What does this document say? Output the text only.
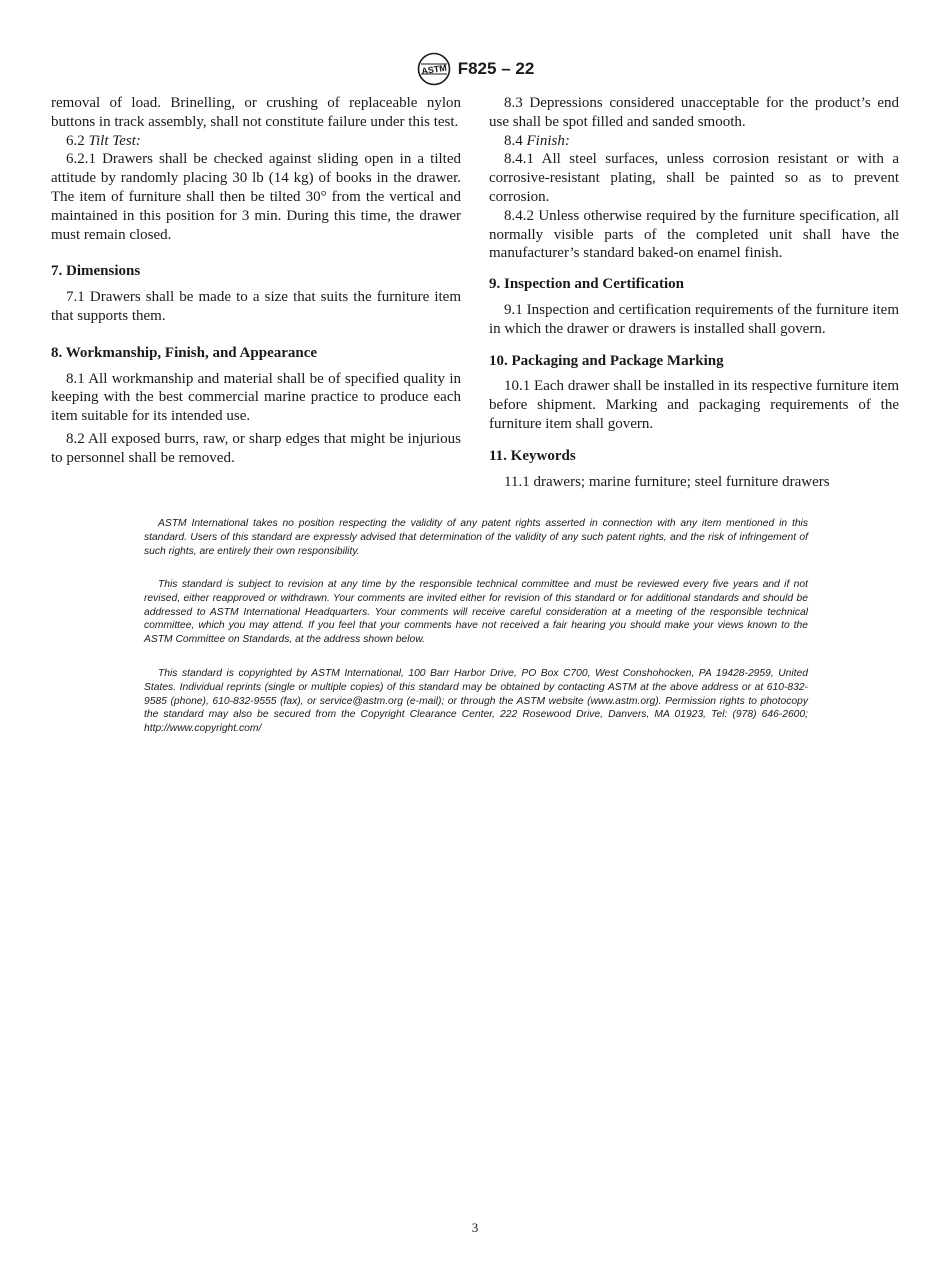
ASTM F825 – 22

removal of load. Brinelling, or crushing of replaceable nylon buttons in track assembly, shall not constitute failure under this test.

6.2 Tilt Test:

6.2.1 Drawers shall be checked against sliding open in a tilted attitude by randomly placing 30 lb (14 kg) of books in the drawer. The item of furniture shall then be tilted 30° from the vertical and maintained in this position for 3 min. During this time, the drawer must remain closed.

7. Dimensions

7.1 Drawers shall be made to a size that suits the furniture item that supports them.

8. Workmanship, Finish, and Appearance

8.1 All workmanship and material shall be of specified quality in keeping with the best commercial marine practice to produce each item suitable for its intended use.

8.2 All exposed burrs, raw, or sharp edges that might be injurious to personnel shall be removed.

8.3 Depressions considered unacceptable for the product’s end use shall be spot filled and sanded smooth.

8.4 Finish:

8.4.1 All steel surfaces, unless corrosion resistant or with a corrosive-resistant plating, shall be painted so as to prevent corrosion.

8.4.2 Unless otherwise required by the furniture specification, all normally visible parts of the completed unit shall have the manufacturer’s standard baked-on enamel finish.

9. Inspection and Certification

9.1 Inspection and certification requirements of the furniture item in which the drawer or drawers is installed shall govern.

10. Packaging and Package Marking

10.1 Each drawer shall be installed in its respective furniture item before shipment. Marking and packaging requirements of the furniture item shall govern.

11. Keywords

11.1 drawers; marine furniture; steel furniture drawers

ASTM International takes no position respecting the validity of any patent rights asserted in connection with any item mentioned in this standard. Users of this standard are expressly advised that determination of the validity of any such patent rights, and the risk of infringement of such rights, are entirely their own responsibility.

This standard is subject to revision at any time by the responsible technical committee and must be reviewed every five years and if not revised, either reapproved or withdrawn. Your comments are invited either for revision of this standard or for additional standards and should be addressed to ASTM International Headquarters. Your comments will receive careful consideration at a meeting of the responsible technical committee, which you may attend. If you feel that your comments have not received a fair hearing you should make your views known to the ASTM Committee on Standards, at the address shown below.

This standard is copyrighted by ASTM International, 100 Barr Harbor Drive, PO Box C700, West Conshohocken, PA 19428-2959, United States. Individual reprints (single or multiple copies) of this standard may be obtained by contacting ASTM at the above address or at 610-832-9585 (phone), 610-832-9555 (fax), or service@astm.org (e-mail); or through the ASTM website (www.astm.org). Permission rights to photocopy the standard may also be secured from the Copyright Clearance Center, 222 Rosewood Drive, Danvers, MA 01923, Tel: (978) 646-2600; http://www.copyright.com/

3
